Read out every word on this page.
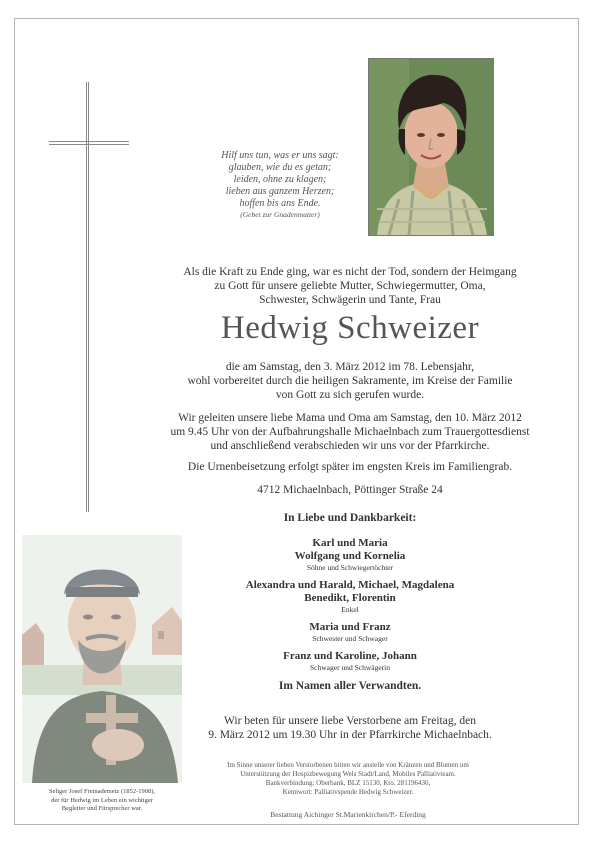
Hilf uns tun, was er uns sagt:
glauben, wie du es getan;
leiden, ohne zu klagen;
lieben aus ganzem Herzen;
hoffen bis ans Ende.
(Gebet zur Gnadenmutter)
Als die Kraft zu Ende ging, war es nicht der Tod, sondern der Heimgang
zu Gott für unsere geliebte Mutter, Schwiegermutter, Oma,
Schwester, Schwägerin und Tante, Frau
Hedwig Schweizer
die am Samstag, den 3. März 2012 im 78. Lebensjahr,
wohl vorbereitet durch die heiligen Sakramente, im Kreise der Familie
von Gott zu sich gerufen wurde.
Wir geleiten unsere liebe Mama und Oma am Samstag, den 10. März 2012
um 9.45 Uhr von der Aufbahrungshalle Michaelnbach zum Trauergottesdienst
und anschließend verabschieden wir uns vor der Pfarrkirche.
Die Urnenbeisetzung erfolgt später im engsten Kreis im Familiengrab.
4712 Michaelnbach, Pöttinger Straße 24
In Liebe und Dankbarkeit:
Karl und Maria
Wolfgang und Kornelia
Söhne und Schwiegertöchter
Alexandra und Harald, Michael, Magdalena
Benedikt, Florentin
Enkel
Maria und Franz
Schwester und Schwager
Franz und Karoline, Johann
Schwager und Schwägerin
Im Namen aller Verwandten.
Wir beten für unsere liebe Verstorbene am Freitag, den
9. März 2012 um 19.30 Uhr in der Pfarrkirche Michaelnbach.
Im Sinne unserer lieben Verstorbenen bitten wir anstelle von Kränzen und Blumen um
Unterstützung der Hospizbewegung Wels Stadt/Land, Mobiles Palliativteam.
Bankverbindung: Oberbank, BLZ 15130, Kto. 281196436,
Kennwort: Palliativspende Hedwig Schweizer.
Bestattung Aichinger St.Marienkirchen/P.- Eferding
Seliger Josef Freinademetz (1852-1908),
der für Hedwig im Leben ein wichtiger
Begleiter und Fürsprecher war.
